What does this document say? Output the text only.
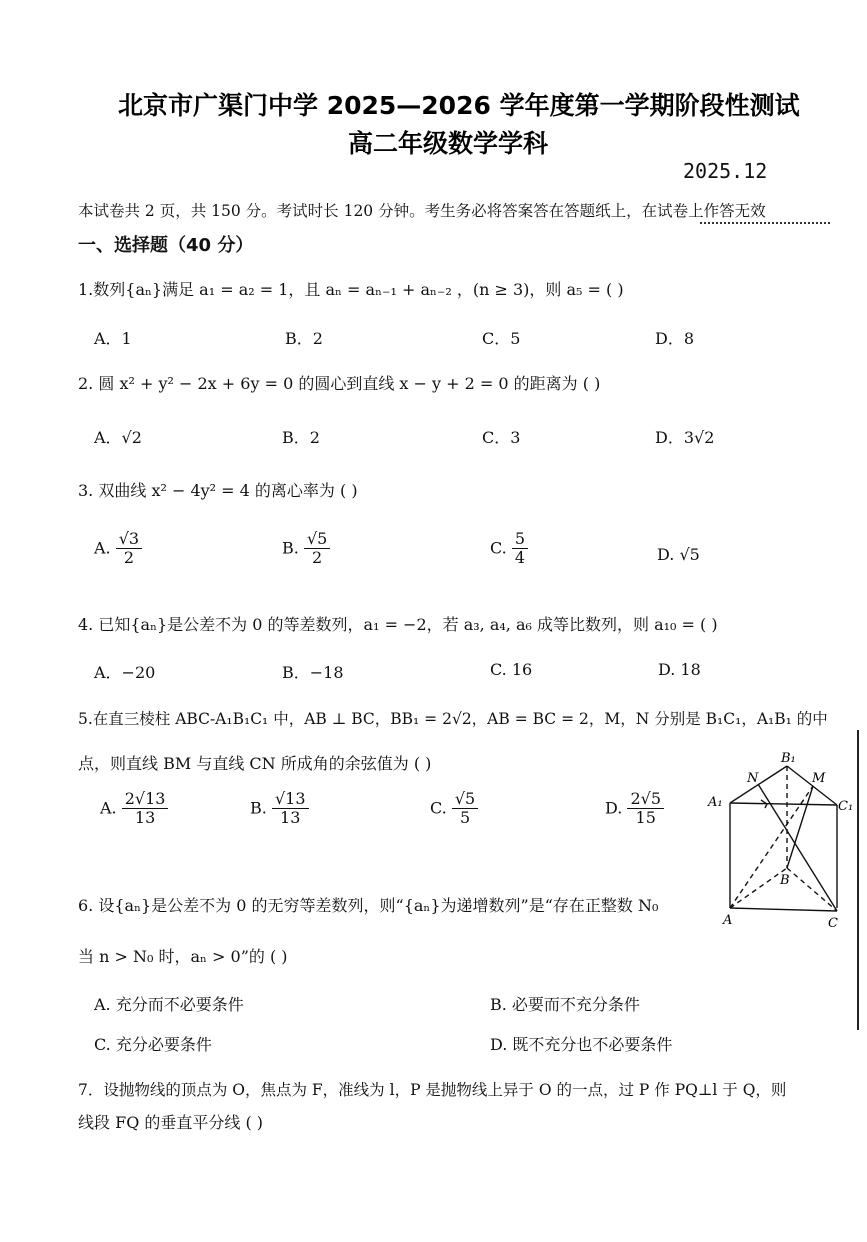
北京市广渠门中学 2025—2026 学年度第一学期阶段性测试
高二年级数学学科
2025.12
本试卷共 2 页，共 150 分。考试时长 120 分钟。考生务必将答案答在答题纸上，在试卷上作答无效
一、选择题（40 分）
1.数列{aₙ}满足 a₁ = a₂ = 1，且 aₙ = aₙ₋₁ + aₙ₋₂ ，(n ≥ 3)，则 a₅ = ( )
A．1	B．2	C．5	D．8
2. 圆 x² + y² − 2x + 6y = 0 的圆心到直线 x − y + 2 = 0 的距离为 ( )
A．√2	B．2	C．3	D．3√2
3. 双曲线 x² − 4y² = 4 的离心率为 ( )
A. $\frac{√3}{2}$	B. $\frac{√5}{2}$	C. $\frac{5}{4}$	D. √5
4. 已知{aₙ}是公差不为 0 的等差数列，a₁ = −2，若 a₃, a₄, a₆ 成等比数列，则 a₁₀ = ( )
A．−20	B．−18	C. 16	D. 18
5.在直三棱柱 ABC-A₁B₁C₁ 中，AB ⊥ BC，BB₁ = 2√2，AB = BC = 2，M，N 分别是 B₁C₁，A₁B₁ 的中
点，则直线 BM 与直线 CN 所成角的余弦值为 ( )
A. $\frac{2√13}{13}$	B. $\frac{√13}{13}$	C. $\frac{√5}{5}$	D. $\frac{2√5}{15}$
B₁
N	M
A₁	C₁
B
A	C
6. 设{aₙ}是公差不为 0 的无穷等差数列，则“{aₙ}为递增数列”是“存在正整数 N₀
当 n > N₀ 时，aₙ > 0”的 ( )
A. 充分而不必要条件	B. 必要而不充分条件
C. 充分必要条件	D. 既不充分也不必要条件
7．设抛物线的顶点为 O，焦点为 F，准线为 l，P 是抛物线上异于 O 的一点，过 P 作 PQ⊥l 于 Q，则
线段 FQ 的垂直平分线 ( )
